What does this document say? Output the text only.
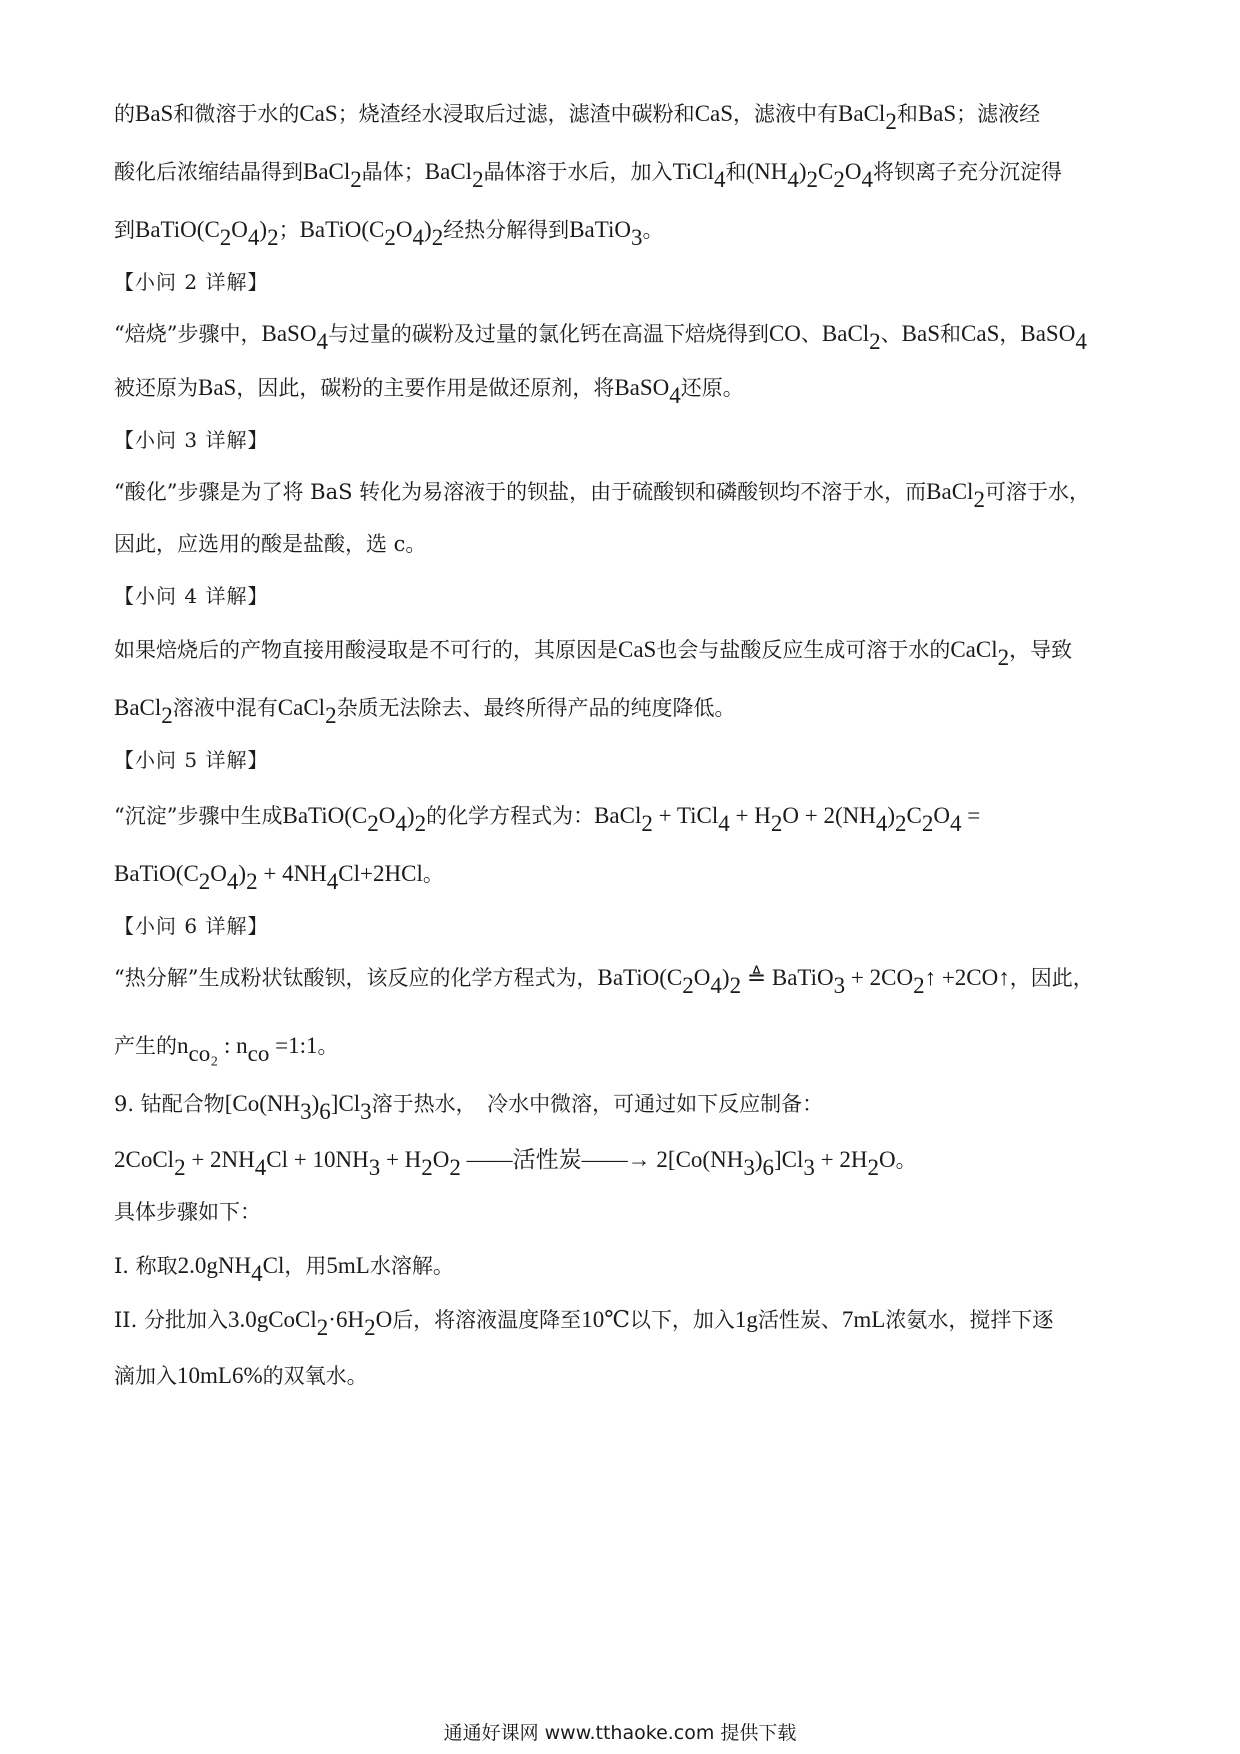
的BaS和微溶于水的CaS；烧渣经水浸取后过滤，滤渣中碳粉和CaS，滤液中有BaCl$_2$和BaS；滤液经
酸化后浓缩结晶得到BaCl$_2$晶体；BaCl$_2$晶体溶于水后，加入TiCl$_4$和$(NH_4)_2C_2O_4$将钡离子充分沉淀得
到$BaTiO(C_2O_4)_2$；$BaTiO(C_2O_4)_2$经热分解得到BaTiO$_3$。
【小问 2 详解】
“焙烧”步骤中，BaSO$_4$与过量的碳粉及过量的氯化钙在高温下焙烧得到CO、BaCl$_2$、BaS和CaS，BaSO$_4$
被还原为BaS，因此，碳粉的主要作用是做还原剂，将BaSO$_4$还原。
【小问 3 详解】
“酸化”步骤是为了将 BaS 转化为易溶液于的钡盐，由于硫酸钡和磷酸钡均不溶于水，而BaCl$_2$可溶于水，
因此，应选用的酸是盐酸，选 c。
【小问 4 详解】
如果焙烧后的产物直接用酸浸取是不可行的，其原因是CaS也会与盐酸反应生成可溶于水的CaCl$_2$，导致
BaCl$_2$溶液中混有CaCl$_2$杂质无法除去、最终所得产品的纯度降低。
【小问 5 详解】
“沉淀”步骤中生成$BaTiO(C_2O_4)_2$的化学方程式为：BaCl$_2$ + TiCl$_4$ + $H_2O + 2(NH_4)_2C_2O_4$ =
$BaTiO(C_2O_4)_2 + 4NH_4Cl+2HCl$。
【小问 6 详解】
“热分解”生成粉状钛酸钡，该反应的化学方程式为，$BaTiO(C_2O_4)_2$ ≜ BaTiO$_3$ + $2CO_2↑$ +2CO↑，因此，
产生的$n_{co_2}$ : $n_{co}$ =1:1。
9. 钴配合物$[Co(NH_3)_6]Cl_3$溶于热水，　冷水中微溶，可通过如下反应制备：
2CoCl$_2$ + $2NH_4Cl + 10NH_3 + H_2O_2$ ——活性炭——→ $2[Co(NH_3)_6]Cl_3 + 2H_2O$。
具体步骤如下：
I. 称取2.0gNH$_4$Cl，用5mL水溶解。
II. 分批加入$3.0gCoCl_2\cdot 6H_2O$后，将溶液温度降至10℃以下，加入1g活性炭、7mL浓氨水，搅拌下逐
滴加入10mL6%的双氧水。
通通好课网 www.tthaoke.com 提供下载
